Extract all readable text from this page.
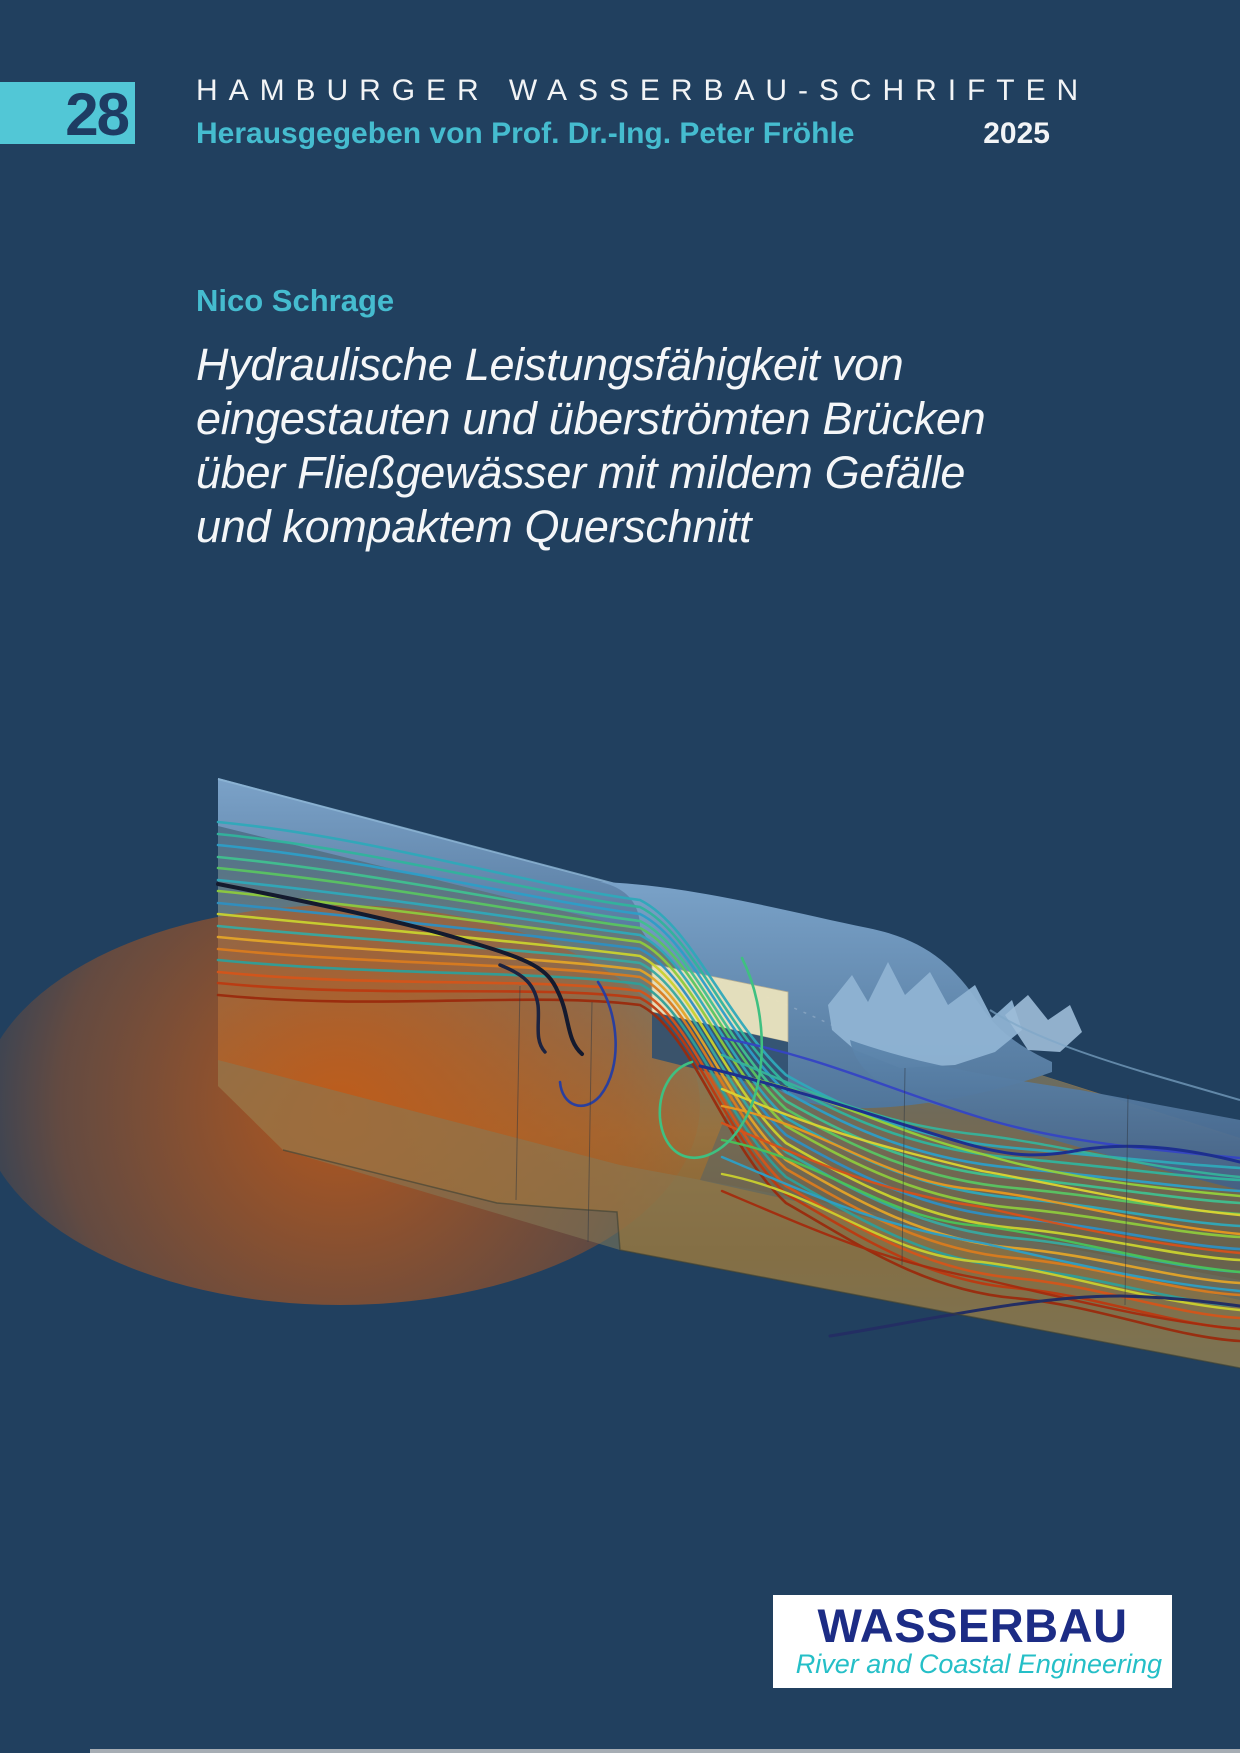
28 HAMBURGER WASSERBAU-SCHRIFTEN
Herausgegeben von Prof. Dr.-Ing. Peter Fröhle	2025
Nico Schrage
Hydraulische Leistungsfähigkeit von
eingestauten und überströmten Brücken
über Fließgewässer mit mildem Gefälle
und kompaktem Querschnitt
WASSERBAU
River and Coastal Engineering
